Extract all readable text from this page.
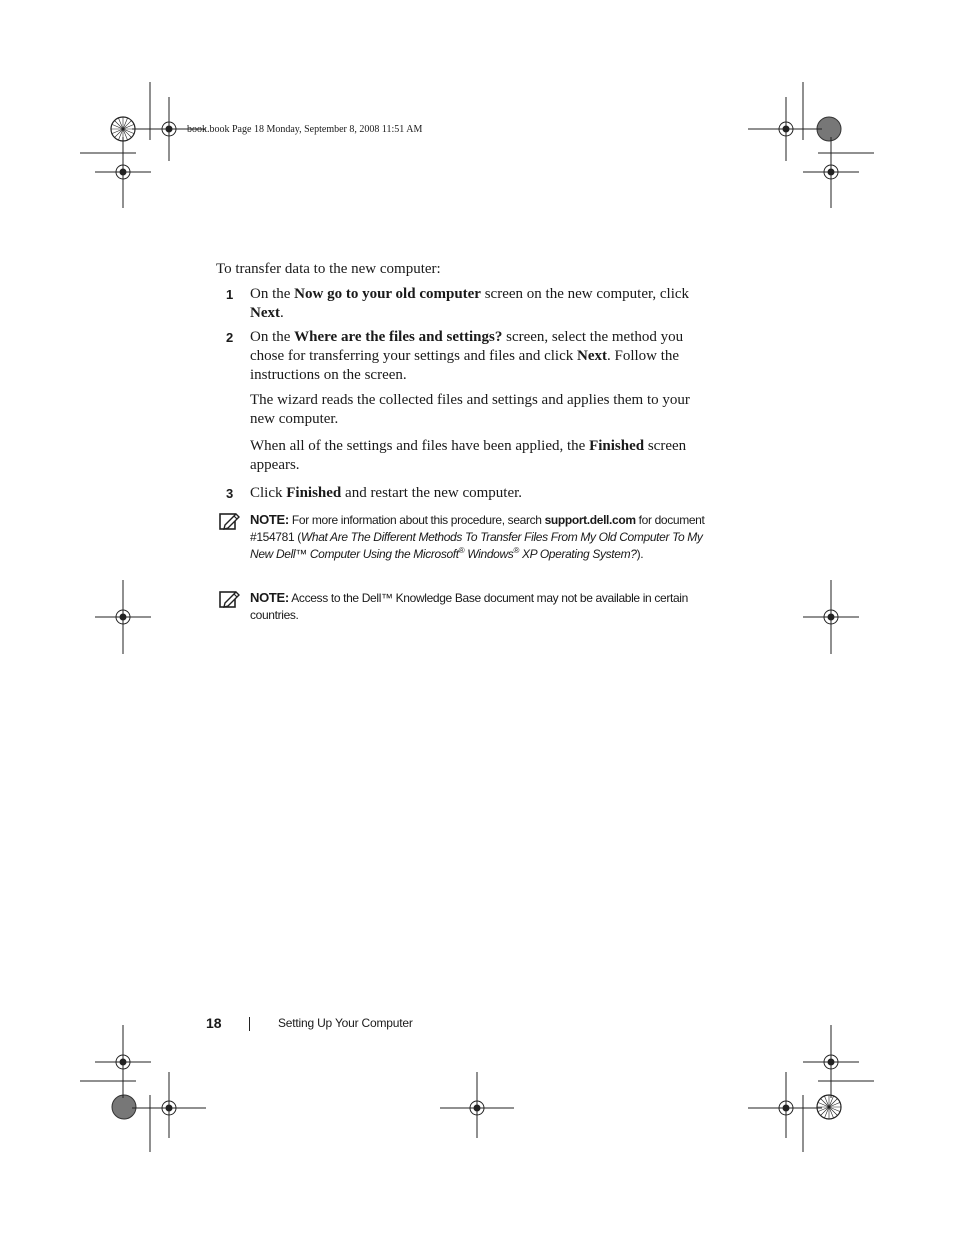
book.book Page 18 Monday, September 8, 2008 11:51 AM
To transfer data to the new computer:
1 On the Now go to your old computer screen on the new computer, click Next.
2 On the Where are the files and settings? screen, select the method you chose for transferring your settings and files and click Next. Follow the instructions on the screen.
The wizard reads the collected files and settings and applies them to your new computer.
When all of the settings and files have been applied, the Finished screen appears.
3 Click Finished and restart the new computer.
NOTE: For more information about this procedure, search support.dell.com for document #154781 (What Are The Different Methods To Transfer Files From My Old Computer To My New Dell™ Computer Using the Microsoft® Windows® XP Operating System?).
NOTE: Access to the Dell™ Knowledge Base document may not be available in certain countries.
18	Setting Up Your Computer
